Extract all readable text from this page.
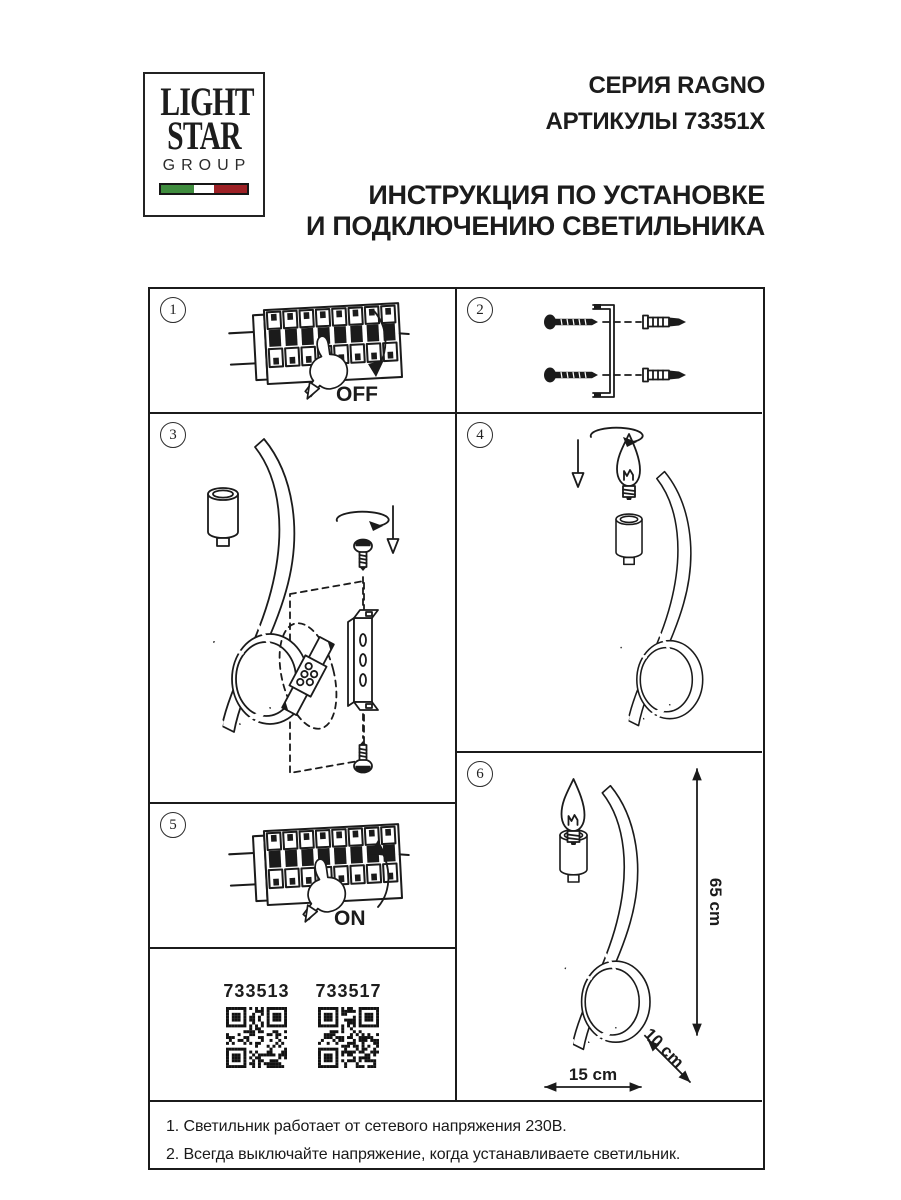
LIGHT
STAR
GROUP
СЕРИЯ RAGNO
АРТИКУЛЫ 73351X
ИНСТРУКЦИЯ ПО УСТАНОВКЕ
И ПОДКЛЮЧЕНИЮ СВЕТИЛЬНИКА
1
OFF
2
3	4
5
ON
6
65 cm
15 cm
10 cm
733513 733517
1. Светильник работает от сетевого напряжения 230В.
2. Всегда выключайте напряжение, когда устанавливаете светильник.
